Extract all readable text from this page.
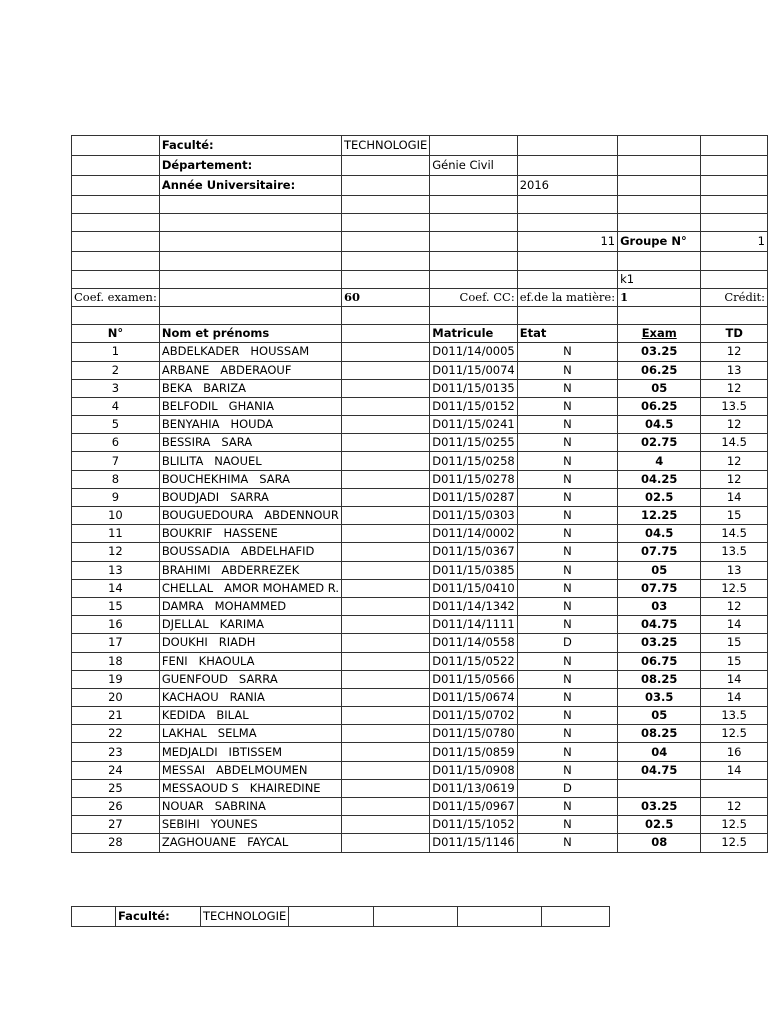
	Faculté:	TECHNOLOGIE				
	Département:		Génie Civil			
	Année Universitaire:			2016		

				11	Groupe N°	1

					k1	
Coef. examen:		60	Coef. CC:	ef.de la matière:	1	Crédit:

N°	Nom et prénoms		Matricule	Etat	Exam	TD
1	ABDELKADER   HOUSSAM		D011/14/0005	N	03.25	12
2	ARBANE   ABDERAOUF		D011/15/0074	N	06.25	13
3	BEKA   BARIZA		D011/15/0135	N	05	12
4	BELFODIL   GHANIA		D011/15/0152	N	06.25	13.5
5	BENYAHIA   HOUDA		D011/15/0241	N	04.5	12
6	BESSIRA   SARA		D011/15/0255	N	02.75	14.5
7	BLILITA   NAOUEL		D011/15/0258	N	4	12
8	BOUCHEKHIMA   SARA		D011/15/0278	N	04.25	12
9	BOUDJADI   SARRA		D011/15/0287	N	02.5	14
10	BOUGUEDOURA   ABDENNOUR		D011/15/0303	N	12.25	15
11	BOUKRIF   HASSENE		D011/14/0002	N	04.5	14.5
12	BOUSSADIA   ABDELHAFID		D011/15/0367	N	07.75	13.5
13	BRAHIMI   ABDERREZEK		D011/15/0385	N	05	13
14	CHELLAL   AMOR MOHAMED R.		D011/15/0410	N	07.75	12.5
15	DAMRA   MOHAMMED		D011/14/1342	N	03	12
16	DJELLAL   KARIMA		D011/14/1111	N	04.75	14
17	DOUKHI   RIADH		D011/14/0558	D	03.25	15
18	FENI   KHAOULA		D011/15/0522	N	06.75	15
19	GUENFOUD   SARRA		D011/15/0566	N	08.25	14
20	KACHAOU   RANIA		D011/15/0674	N	03.5	14
21	KEDIDA   BILAL		D011/15/0702	N	05	13.5
22	LAKHAL   SELMA		D011/15/0780	N	08.25	12.5
23	MEDJALDI   IBTISSEM		D011/15/0859	N	04	16
24	MESSAI   ABDELMOUMEN		D011/15/0908	N	04.75	14
25	MESSAOUD S   KHAIREDINE		D011/13/0619	D		
26	NOUAR   SABRINA		D011/15/0967	N	03.25	12
27	SEBIHI   YOUNES		D011/15/1052	N	02.5	12.5
28	ZAGHOUANE   FAYCAL		D011/15/1146	N	08	12.5
	Faculté:	TECHNOLOGIE				
